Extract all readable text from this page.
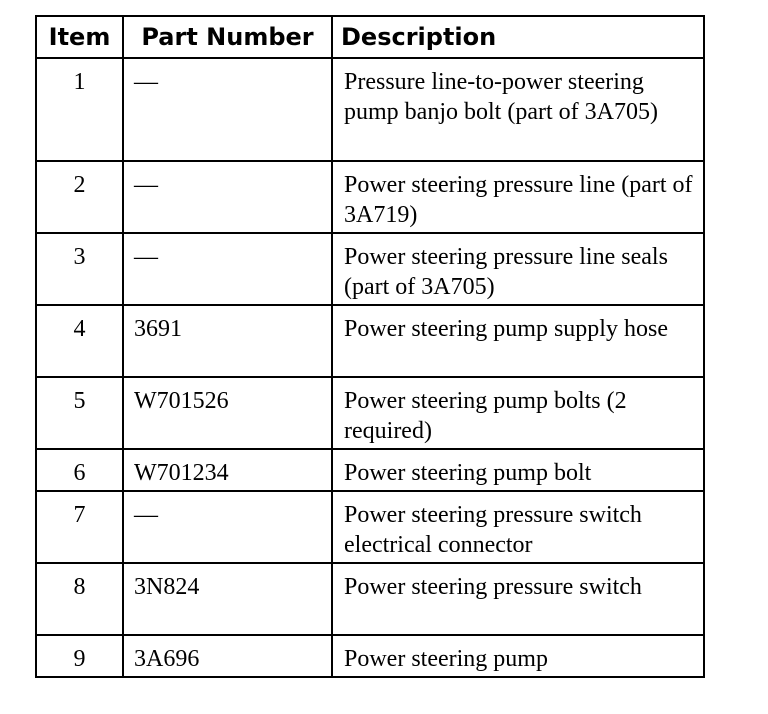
Item	Part Number	Description
1	—	Pressure line-to-power steering pump banjo bolt (part of 3A705)
2	—	Power steering pressure line (part of 3A719)
3	—	Power steering pressure line seals (part of 3A705)
4	3691	Power steering pump supply hose
5	W701526	Power steering pump bolts (2 required)
6	W701234	Power steering pump bolt
7	—	Power steering pressure switch electrical connector
8	3N824	Power steering pressure switch
9	3A696	Power steering pump
